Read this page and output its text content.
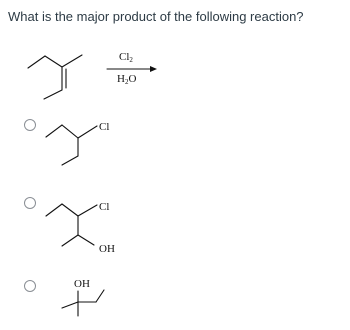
What is the major product of the following reaction?
Cl2
H2O
Cl
Cl
OH
OH
